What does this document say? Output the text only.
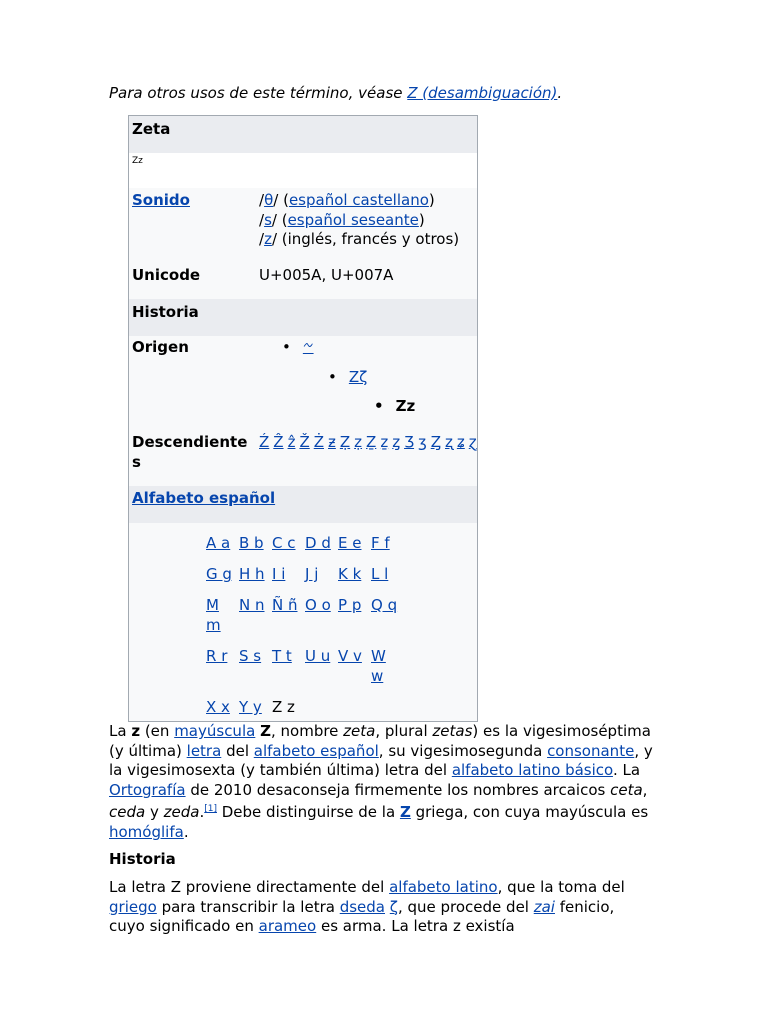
Para otros usos de este término, véase Z (desambiguación).
Zeta
Zz
Sonido	/θ/ (español castellano)
/s/ (español seseante)
/z/ (inglés, francés y otros)
Unicode	U+005A, U+007A
Historia
Origen
•	𐤆
• Zζ
• Zz
Descendiente
s
Ź Ẑ ẑ Ž Ż ƶ Ẓ ẓ Ẕ ẕ ȥ Ʒ ʒ Ȥ ʐ ʑ ɀ
Alfabeto español
A a B b C c D d E e F f
G g H h I i	J j	K k L l
M m
N n Ñ ñ O o P p Q q
R r S s T t U u V v W w
X x Y y Z z
La z (en mayúscula Z, nombre zeta, plural zetas) es la vigesimoséptima (y última) letra del alfabeto español, su vigesimosegunda consonante, y la vigesimosexta (y también última) letra del alfabeto latino básico. La Ortografía de 2010 desaconseja firmemente los nombres arcaicos ceta, ceda y zeda.[1] Debe distinguirse de la Z griega, con cuya mayúscula es homóglifa.
Historia
La letra Z proviene directamente del alfabeto latino, que la toma del griego para transcribir la letra dseda ζ, que procede del zai fenicio, cuyo significado en arameo es arma. La letra z existía
